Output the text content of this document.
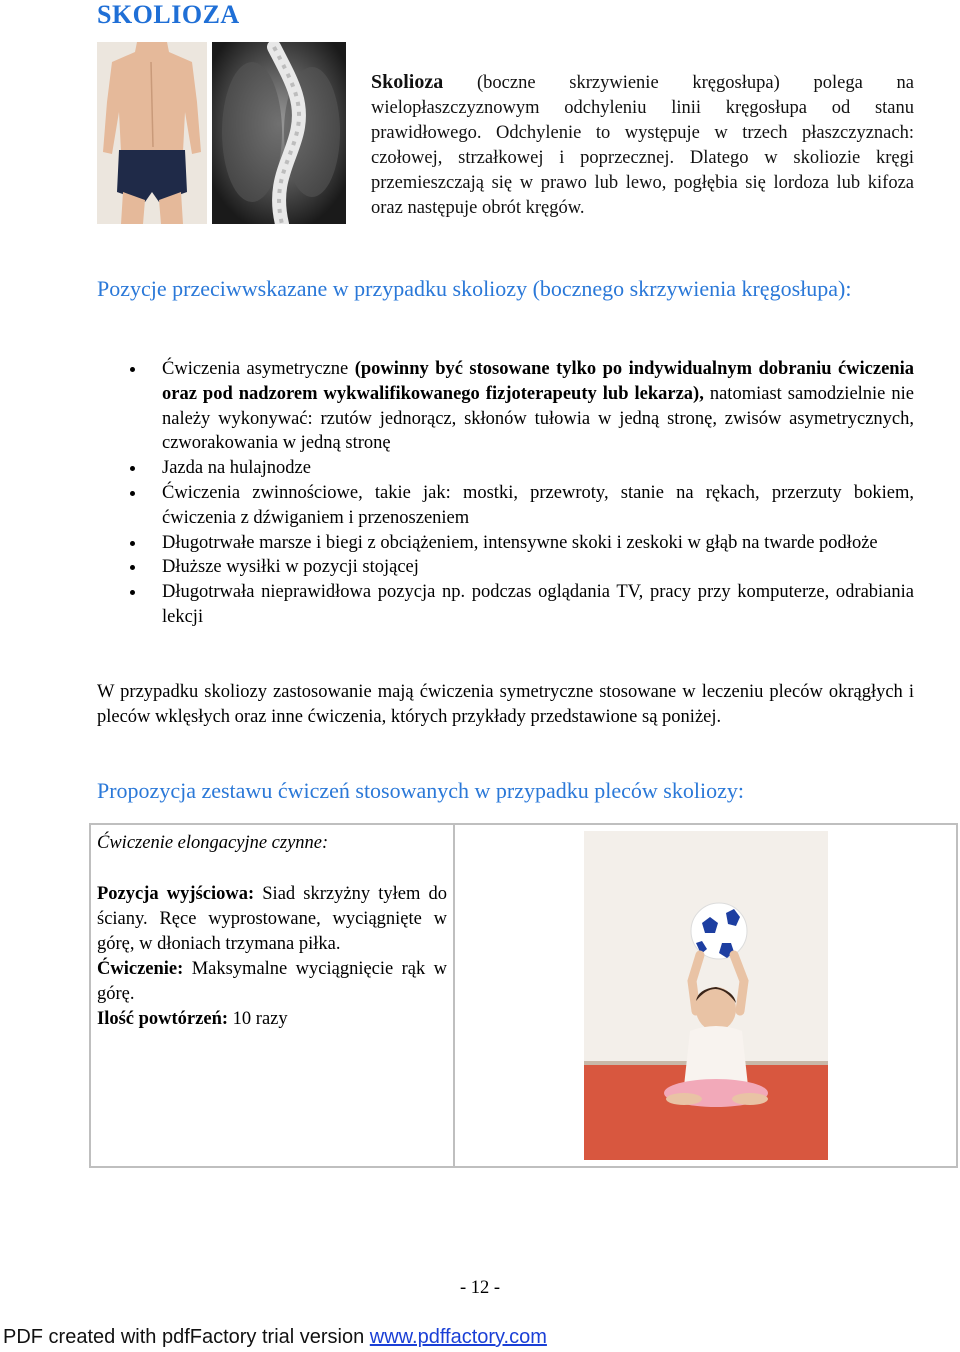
SKOLIOZA
Skolioza (boczne skrzywienie kręgosłupa) polega na wielopłaszczyznowym odchyleniu linii kręgosłupa od stanu prawidłowego. Odchylenie to występuje w trzech płaszczyznach: czołowej, strzałkowej i poprzecznej. Dlatego w skoliozie kręgi przemieszczają się w prawo lub lewo, pogłębia się lordoza lub kifoza oraz następuje obrót kręgów.
Pozycje przeciwwskazane w przypadku skoliozy (bocznego skrzywienia kręgosłupa):
Ćwiczenia asymetryczne (powinny być stosowane tylko po indywidualnym dobraniu ćwiczenia oraz pod nadzorem wykwalifikowanego fizjoterapeuty lub lekarza), natomiast samodzielnie nie należy wykonywać: rzutów jednorącz, skłonów tułowia w jedną stronę, zwisów asymetrycznych, czworakowania w jedną stronę
Jazda na hulajnodze
Ćwiczenia zwinnościowe, takie jak: mostki, przewroty, stanie na rękach, przerzuty bokiem, ćwiczenia z dźwiganiem i przenoszeniem
Długotrwałe marsze i biegi z obciążeniem, intensywne skoki i zeskoki w głąb na twarde podłoże
Dłuższe wysiłki w pozycji stojącej
Długotrwała nieprawidłowa pozycja np. podczas oglądania TV, pracy przy komputerze, odrabiania lekcji
W przypadku skoliozy zastosowanie mają ćwiczenia symetryczne stosowane w leczeniu pleców okrągłych i pleców wklęsłych oraz inne ćwiczenia, których przykłady przedstawione są poniżej.
Propozycja zestawu ćwiczeń stosowanych w przypadku pleców skoliozy:
Ćwiczenie elongacyjne czynne:

Pozycja wyjściowa: Siad skrzyżny tyłem do ściany. Ręce wyprostowane, wyciągnięte w górę, w dłoniach trzymana piłka.

Ćwiczenie: Maksymalne wyciągnięcie rąk w górę.

Ilość powtórzeń: 10 razy

- 12 -
PDF created with pdfFactory trial version www.pdffactory.com
